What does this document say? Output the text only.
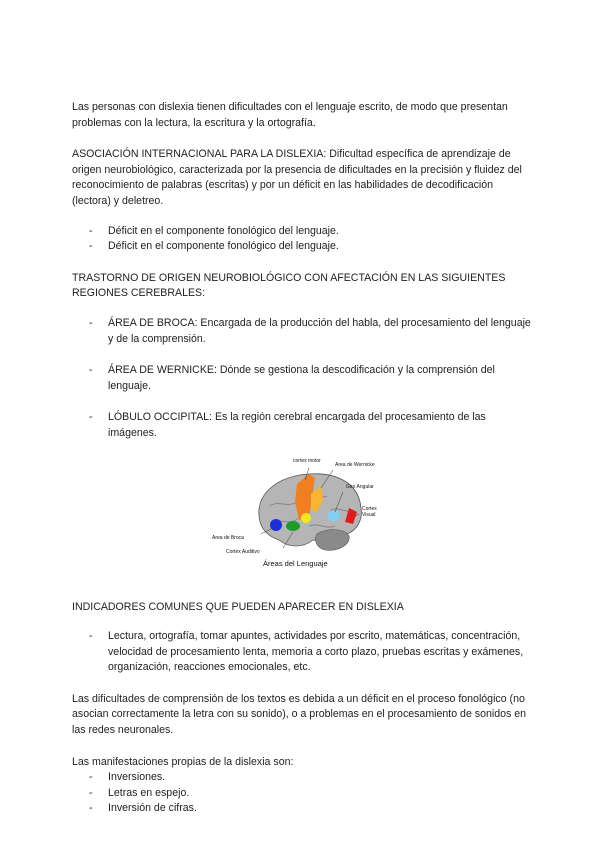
Las personas con dislexia tienen dificultades con el lenguaje escrito, de modo que presentan problemas con la lectura, la escritura y la ortografía.

ASOCIACIÓN INTERNACIONAL PARA LA DISLEXIA: Dificultad específica de aprendizaje de origen neurobiológico, caracterizada por la presencia de dificultades en la precisión y fluidez del reconocimiento de palabras (escritas) y por un déficit en las habilidades de decodificación (lectora) y deletreo.

- Déficit en el componente fonológico del lenguaje.
- Déficit en el componente fonológico del lenguaje.

TRASTORNO DE ORIGEN NEUROBIOLÓGICO CON AFECTACIÓN EN LAS SIGUIENTES REGIONES CEREBRALES:

- ÁREA DE BROCA: Encargada de la producción del habla, del procesamiento del lenguaje y de la comprensión.
- ÁREA DE WERNICKE: Dónde se gestiona la descodificación y la comprensión del lenguaje.
- LÓBULO OCCIPITAL: Es la región cerebral encargada del procesamiento de las imágenes.
cortex motor
Area de Wernicke
Giro Angular
Cortex
Visual
Area de Broca
Cortex Auditivo
Áreas del Lenguaje

INDICADORES COMUNES QUE PUEDEN APARECER EN DISLEXIA

- Lectura, ortografía, tomar apuntes, actividades por escrito, matemáticas, concentración, velocidad de procesamiento lenta, memoria a corto plazo, pruebas escritas y exámenes, organización, reacciones emocionales, etc.

Las dificultades de comprensión de los textos es debida a un déficit en el proceso fonológico (no asocian correctamente la letra con su sonido), o a problemas en el procesamiento de sonidos en las redes neuronales.

Las manifestaciones propias de la dislexia son:

- Inversiones.
- Letras en espejo.
- Inversión de cifras.
